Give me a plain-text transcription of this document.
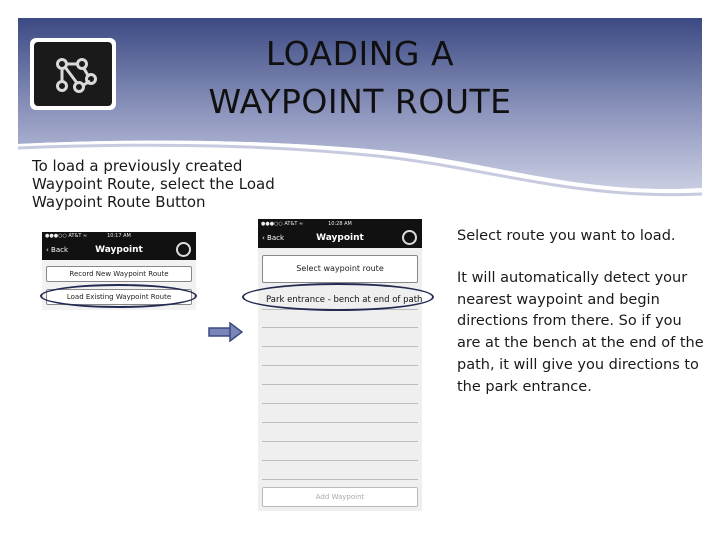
LOADING A
WAYPOINT ROUTE
To load a previously created Waypoint Route, select the Load Waypoint Route Button
Select route you want to load.
It will automatically detect your nearest waypoint and begin directions from there. So if you are at the bench at the end of the path, it will give you directions to the park entrance.
●●●○○ AT&T ≈	10:17 AM
‹ Back	Waypoint
Record New Waypoint Route
Load Existing Waypoint Route
●●●○○ AT&T ≈	10:28 AM
‹ Back	Waypoint
Select waypoint route
Park entrance - bench at end of path
Add Waypoint
